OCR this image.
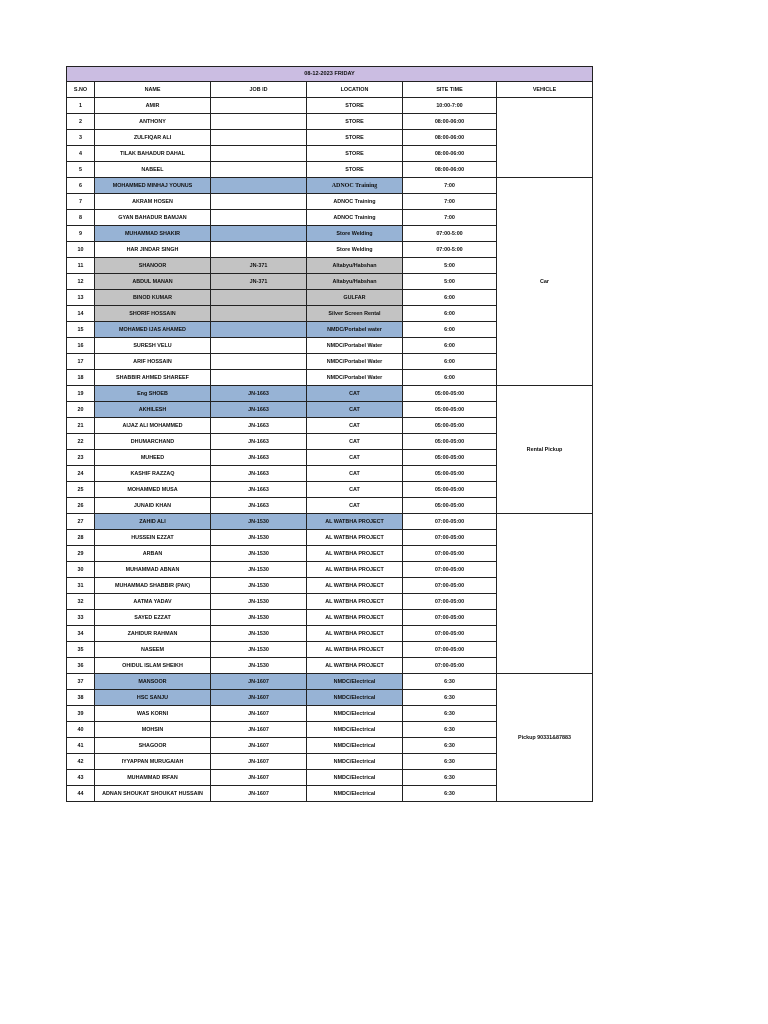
08-12-2023 FRIDAY					
S.NO	NAME	JOB ID	LOCATION	SITE TIME	VEHICLE
1	AMIR		STORE	10:00-7:00	
2	ANTHONY		STORE	08:00-06:00	
3	ZULFIQAR ALI		STORE	08:00-06:00	
4	TILAK BAHADUR DAHAL		STORE	08:00-06:00	
5	NABEEL		STORE	08:00-06:00	
6	MOHAMMED MINHAJ YOUNUS		ADNOC Training	7:00	Car
7	AKRAM HOSEN		ADNOC Training	7:00	
8	GYAN BAHADUR BAMJAN		ADNOC Training	7:00	
9	MUHAMMAD SHAKIR		Store Welding	07:00-5:00	
10	HAR JINDAR SINGH		Store Welding	07:00-5:00	
11	SHANOOR	JN-371	Altabyu/Habshan	5:00	
12	ABDUL MANAN	JN-371	Altabyu/Habshan	5:00	
13	BINOD KUMAR		GULFAR	6:00	
14	SHORIF HOSSAIN		Silver Screen Rental	6:00	
15	MOHAMED IJAS AHAMED		NMDC/Portabel water	6:00	
16	SURESH VELU		NMDC/Portabel Water	6:00	
17	ARIF HOSSAIN		NMDC/Portabel Water	6:00	
18	SHABBIR AHMED SHAREEF		NMDC/Portabel Water	6:00	
19	Eng SHOEB	JN-1663	CAT	05:00-05:00	Rental Pickup
20	AKHILESH	JN-1663	CAT	05:00-05:00	
21	AIJAZ ALI MOHAMMED	JN-1663	CAT	05:00-05:00	
22	DHUMARCHAND	JN-1663	CAT	05:00-05:00	
23	MUHEED	JN-1663	CAT	05:00-05:00	
24	KASHIF RAZZAQ	JN-1663	CAT	05:00-05:00	
25	MOHAMMED MUSA	JN-1663	CAT	05:00-05:00	
26	JUNAID KHAN	JN-1663	CAT	05:00-05:00	
27	ZAHID ALI	JN-1530	AL WATBHA PROJECT	07:00-05:00	
28	HUSSEIN EZZAT	JN-1530	AL WATBHA PROJECT	07:00-05:00	
29	ARBAN	JN-1530	AL WATBHA PROJECT	07:00-05:00	
30	MUHAMMAD ABNAN	JN-1530	AL WATBHA PROJECT	07:00-05:00	
31	MUHAMMAD SHABBIR (PAK)	JN-1530	AL WATBHA PROJECT	07:00-05:00	
32	AATMA YADAV	JN-1530	AL WATBHA PROJECT	07:00-05:00	
33	SAYED EZZAT	JN-1530	AL WATBHA PROJECT	07:00-05:00	
34	ZAHIDUR RAHMAN	JN-1530	AL WATBHA PROJECT	07:00-05:00	
35	NASEEM	JN-1530	AL WATBHA PROJECT	07:00-05:00	
36	OHIDUL ISLAM SHEIKH	JN-1530	AL WATBHA PROJECT	07:00-05:00	
37	MANSOOR	JN-1607	NMDC/Electrical	6:30	Pickup 90331&87883
38	HSC SANJU	JN-1607	NMDC/Electrical	6:30	
39	WAS KORNI	JN-1607	NMDC/Electrical	6:30	
40	MOHSIN	JN-1607	NMDC/Electrical	6:30	
41	SHAGOOR	JN-1607	NMDC/Electrical	6:30	
42	IYYAPPAN MURUGAIAH	JN-1607	NMDC/Electrical	6:30	
43	MUHAMMAD IRFAN	JN-1607	NMDC/Electrical	6:30	
44	ADNAN SHOUKAT SHOUKAT HUSSAIN	JN-1607	NMDC/Electrical	6:30	
